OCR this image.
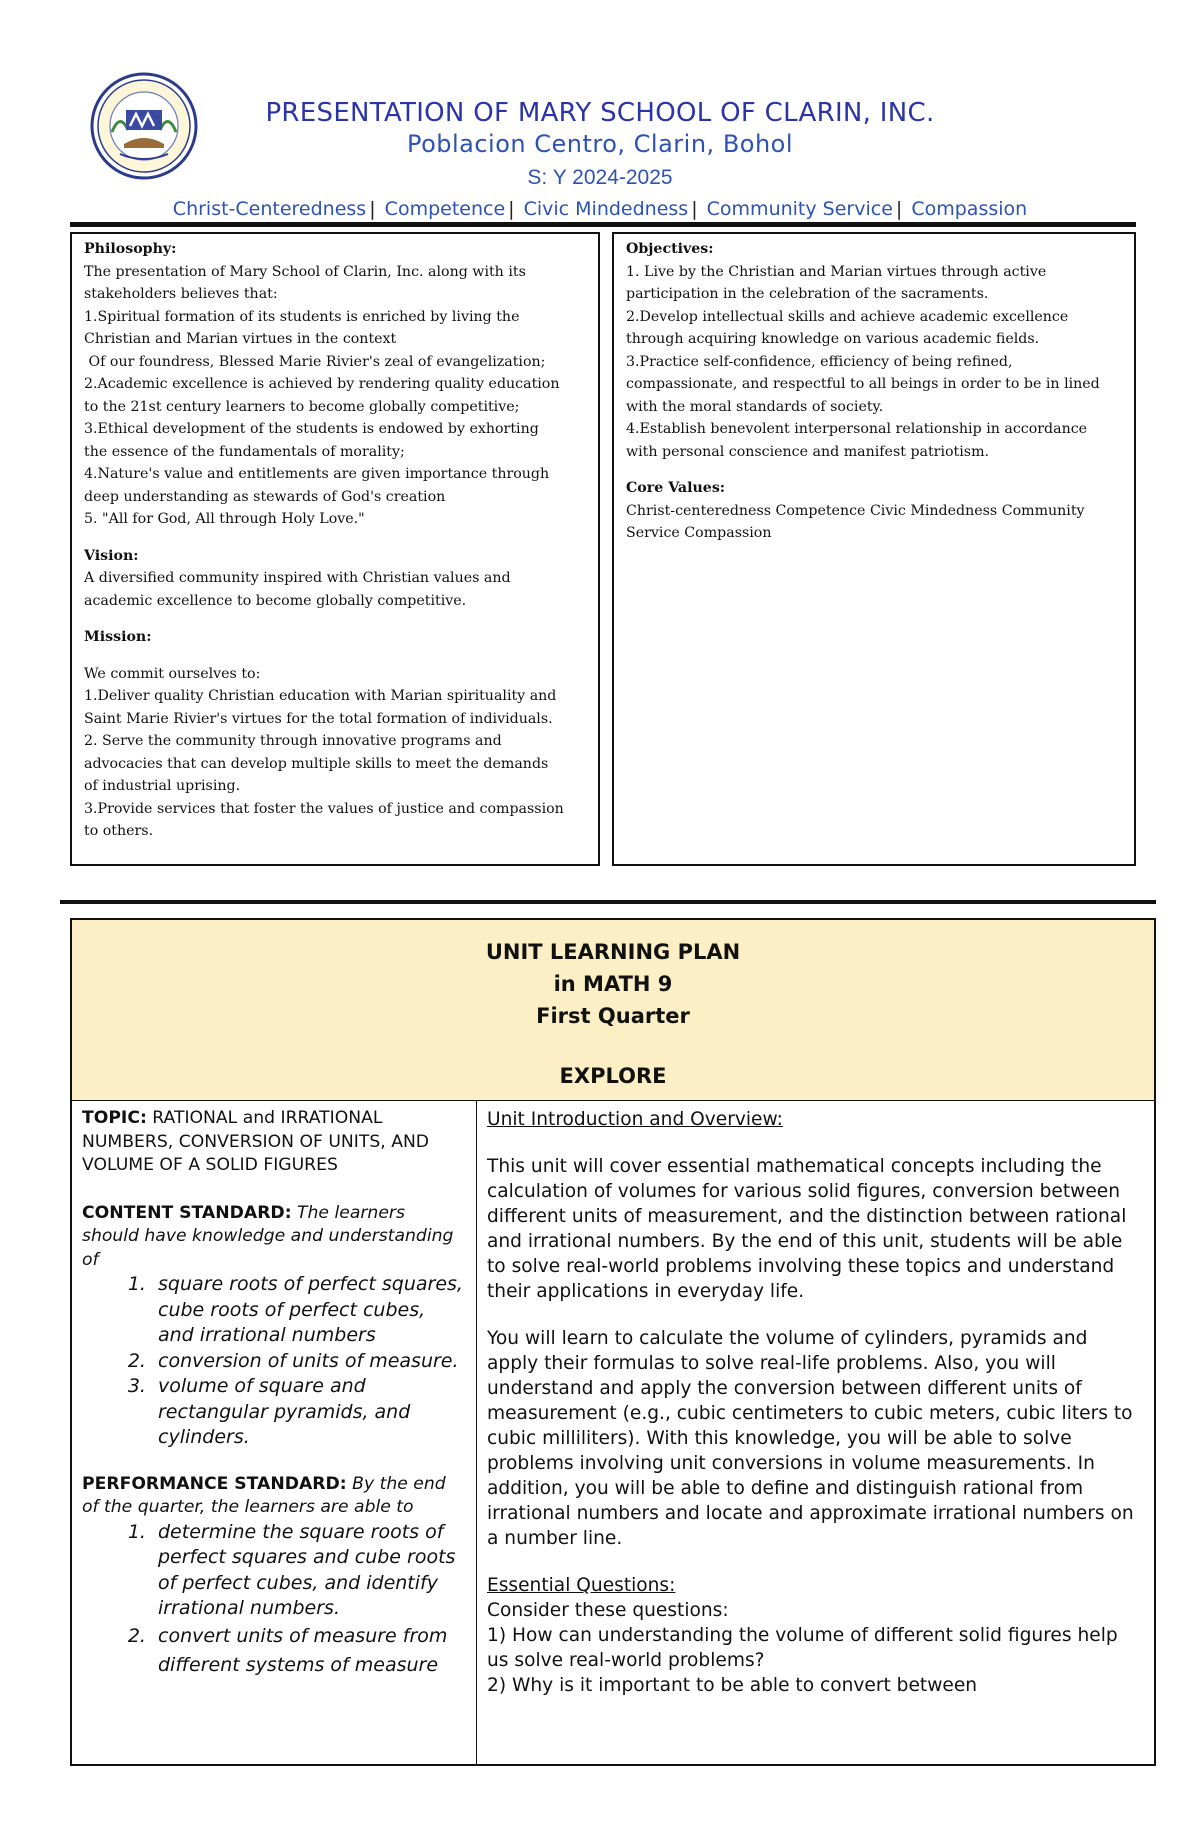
PRESENTATION OF MARY SCHOOL OF CLARIN, INC.
Poblacion Centro, Clarin, Bohol
S: Y 2024-2025
Christ-Centeredness | Competence | Civic Mindedness | Community Service | Compassion

Philosophy:

The presentation of Mary School of Clarin, Inc. along with its

stakeholders believes that:

1.Spiritual formation of its students is enriched by living the

Christian and Marian virtues in the context

Of our foundress, Blessed Marie Rivier's zeal of evangelization;

2.Academic excellence is achieved by rendering quality education

to the 21st century learners to become globally competitive;

3.Ethical development of the students is endowed by exhorting

the essence of the fundamentals of morality;

4.Nature's value and entitlements are given importance through

deep understanding as stewards of God's creation

5. "All for God, All through Holy Love."

Vision:

A diversified community inspired with Christian values and

academic excellence to become globally competitive.

Mission:

We commit ourselves to:

1.Deliver quality Christian education with Marian spirituality and

Saint Marie Rivier's virtues for the total formation of individuals.

2. Serve the community through innovative programs and

advocacies that can develop multiple skills to meet the demands

of industrial uprising.

3.Provide services that foster the values of justice and compassion

to others.

Objectives:

1. Live by the Christian and Marian virtues through active

participation in the celebration of the sacraments.

2.Develop intellectual skills and achieve academic excellence

through acquiring knowledge on various academic fields.

3.Practice self-confidence, efficiency of being refined,

compassionate, and respectful to all beings in order to be in lined

with the moral standards of society.

4.Establish benevolent interpersonal relationship in accordance

with personal conscience and manifest patriotism.

Core Values:

Christ-centeredness Competence Civic Mindedness Community

Service Compassion

UNIT LEARNING PLAN
in MATH 9
First Quarter
EXPLORE

TOPIC: RATIONAL and IRRATIONAL NUMBERS, CONVERSION OF UNITS, AND VOLUME OF A SOLID FIGURES

CONTENT STANDARD: The learners should have knowledge and understanding of

1. square roots of perfect squares, cube roots of perfect cubes, and irrational numbers
2. conversion of units of measure.
3. volume of square and rectangular pyramids, and cylinders.

PERFORMANCE STANDARD: By the end of the quarter, the learners are able to

1. determine the square roots of perfect squares and cube roots of perfect cubes, and identify irrational numbers.
2. convert units of measure from different systems of measure

Unit Introduction and Overview:

This unit will cover essential mathematical concepts including the calculation of volumes for various solid figures, conversion between different units of measurement, and the distinction between rational and irrational numbers. By the end of this unit, students will be able to solve real-world problems involving these topics and understand their applications in everyday life.

You will learn to calculate the volume of cylinders, pyramids and apply their formulas to solve real-life problems. Also, you will understand and apply the conversion between different units of measurement (e.g., cubic centimeters to cubic meters, cubic liters to cubic milliliters). With this knowledge, you will be able to solve problems involving unit conversions in volume measurements. In addition, you will be able to define and distinguish rational from irrational numbers and locate and approximate irrational numbers on a number line.

Essential Questions:

Consider these questions:

1) How can understanding the volume of different solid figures help us solve real-world problems?

2) Why is it important to be able to convert between
